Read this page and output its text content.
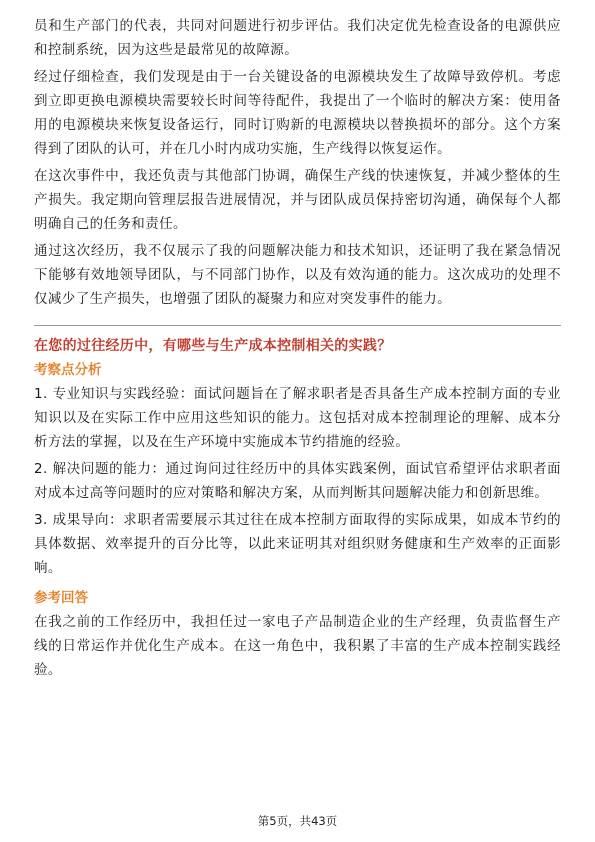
员和生产部门的代表，共同对问题进行初步评估。我们决定优先检查设备的电源供应和控制系统，因为这些是最常见的故障源。

经过仔细检查，我们发现是由于一台关键设备的电源模块发生了故障导致停机。考虑到立即更换电源模块需要较长时间等待配件，我提出了一个临时的解决方案：使用备用的电源模块来恢复设备运行，同时订购新的电源模块以替换损坏的部分。这个方案得到了团队的认可，并在几小时内成功实施，生产线得以恢复运作。

在这次事件中，我还负责与其他部门协调，确保生产线的快速恢复，并减少整体的生产损失。我定期向管理层报告进展情况，并与团队成员保持密切沟通，确保每个人都明确自己的任务和责任。

通过这次经历，我不仅展示了我的问题解决能力和技术知识，还证明了我在紧急情况下能够有效地领导团队，与不同部门协作，以及有效沟通的能力。这次成功的处理不仅减少了生产损失，也增强了团队的凝聚力和应对突发事件的能力。

在您的过往经历中，有哪些与生产成本控制相关的实践？

考察点分析

1. 专业知识与实践经验：面试问题旨在了解求职者是否具备生产成本控制方面的专业知识以及在实际工作中应用这些知识的能力。这包括对成本控制理论的理解、成本分析方法的掌握，以及在生产环境中实施成本节约措施的经验。

2. 解决问题的能力：通过询问过往经历中的具体实践案例，面试官希望评估求职者面对成本过高等问题时的应对策略和解决方案，从而判断其问题解决能力和创新思维。

3. 成果导向：求职者需要展示其过往在成本控制方面取得的实际成果，如成本节约的具体数据、效率提升的百分比等，以此来证明其对组织财务健康和生产效率的正面影响。

参考回答

在我之前的工作经历中，我担任过一家电子产品制造企业的生产经理，负责监督生产线的日常运作并优化生产成本。在这一角色中，我积累了丰富的生产成本控制实践经验。

第5页，共43页
